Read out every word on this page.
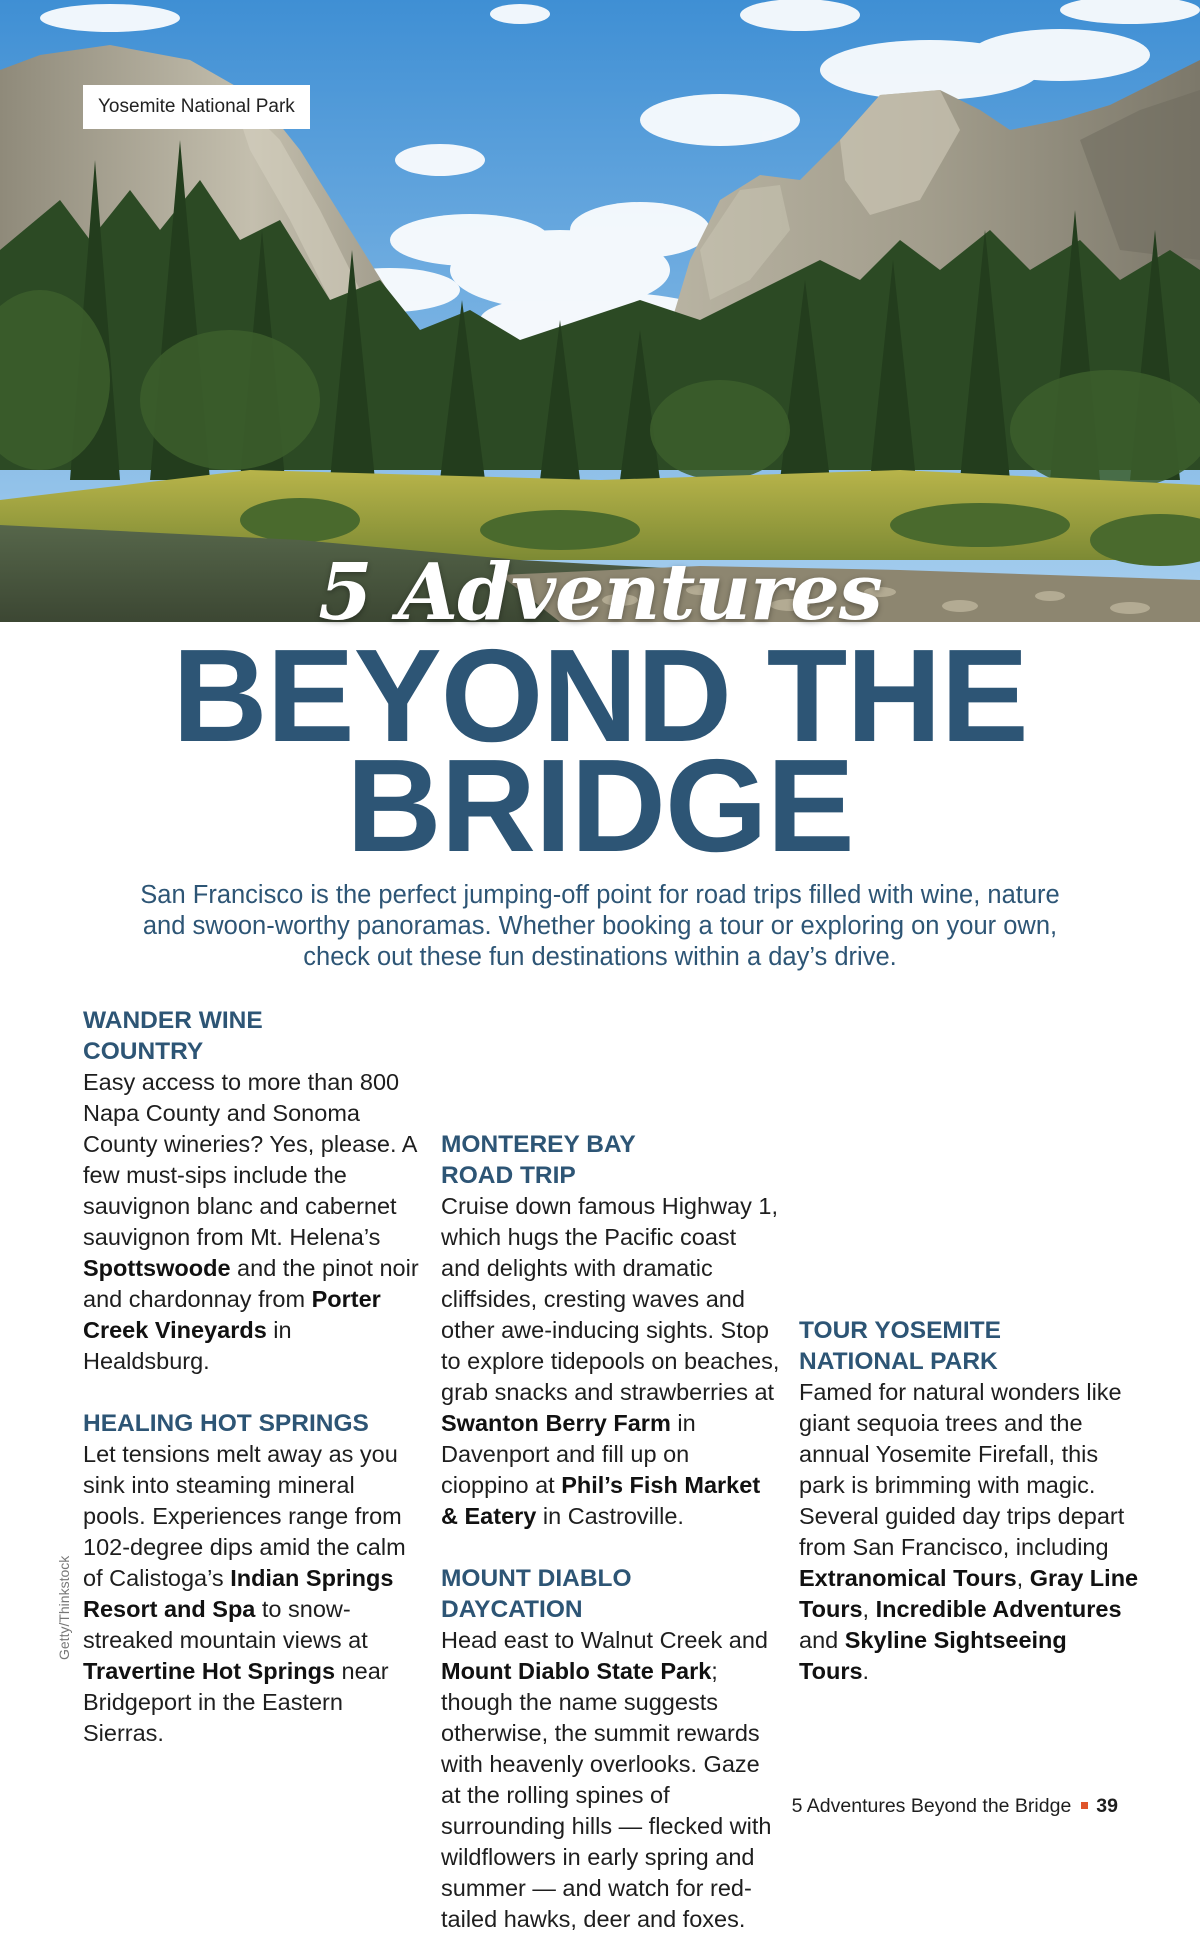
Yosemite National Park
5 Adventures
BEYOND THE
BRIDGE
San Francisco is the perfect jumping-off point for road trips filled with wine, nature and swoon-worthy panoramas. Whether booking a tour or exploring on your own, check out these fun destinations within a day’s drive.
WANDER WINE
COUNTRY

Easy access to more than 800 Napa County and Sonoma County wineries? Yes, please. A few must-sips include the sauvignon blanc and cabernet sauvignon from Mt. Helena’s Spottswoode and the pinot noir and chardonnay from Porter Creek Vineyards in Healdsburg.

HEALING HOT SPRINGS

Let tensions melt away as you sink into steaming mineral pools. Experiences range from 102-degree dips amid the calm of Calistoga’s Indian Springs Resort and Spa to snow-streaked mountain views at Travertine Hot Springs near Bridgeport in the Eastern Sierras.

MONTEREY BAY
ROAD TRIP

Cruise down famous Highway 1, which hugs the Pacific coast and delights with dramatic cliffsides, cresting waves and other awe-inducing sights. Stop to explore tidepools on beaches, grab snacks and strawberries at Swanton Berry Farm in Davenport and fill up on cioppino at Phil’s Fish Market & Eatery in Castroville.

MOUNT DIABLO
DAYCATION

Head east to Walnut Creek and Mount Diablo State Park; though the name suggests otherwise, the summit rewards with heavenly overlooks. Gaze at the rolling spines of surrounding hills — flecked with wildflowers in early spring and summer — and watch for red-tailed hawks, deer and foxes.

TOUR YOSEMITE
NATIONAL PARK

Famed for natural wonders like giant sequoia trees and the annual Yosemite Firefall, this park is brimming with magic. Several guided day trips depart from San Francisco, including Extranomical Tours, Gray Line Tours, Incredible Adventures and Skyline Sightseeing Tours.

Getty/Thinkstock
5 Adventures Beyond the Bridge 39
